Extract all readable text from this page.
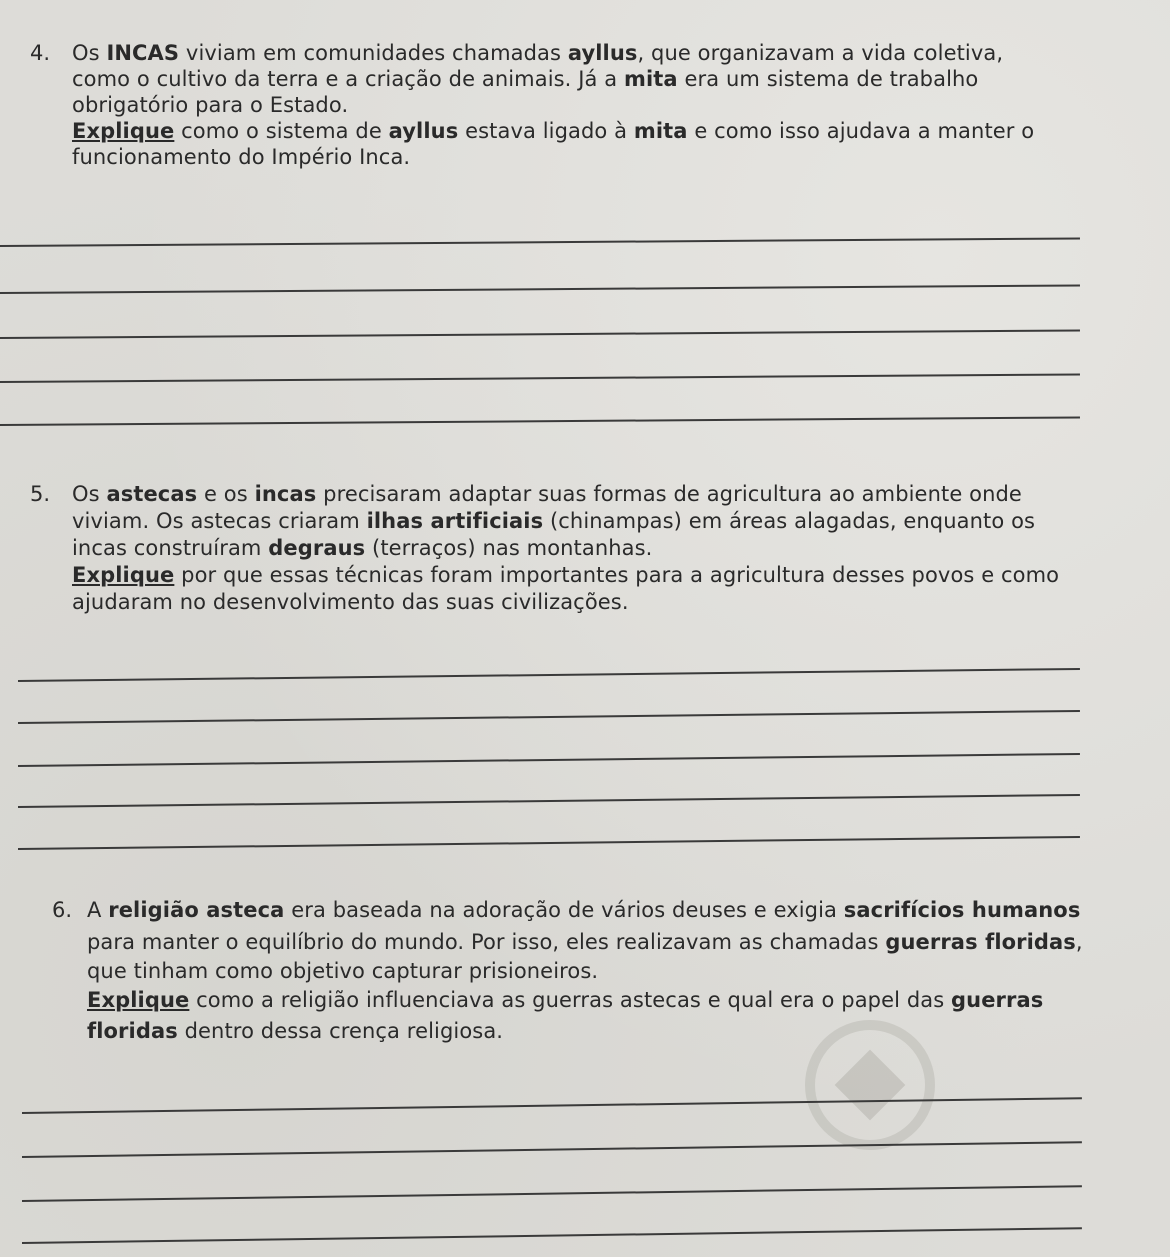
4. Os INCAS viviam em comunidades chamadas ayllus, que organizavam a vida coletiva,
como o cultivo da terra e a criação de animais. Já a mita era um sistema de trabalho
obrigatório para o Estado.
Explique como o sistema de ayllus estava ligado à mita e como isso ajudava a manter o
funcionamento do Império Inca.
5. Os astecas e os incas precisaram adaptar suas formas de agricultura ao ambiente onde
viviam. Os astecas criaram ilhas artificiais (chinampas) em áreas alagadas, enquanto os
incas construíram degraus (terraços) nas montanhas.
Explique por que essas técnicas foram importantes para a agricultura desses povos e como
ajudaram no desenvolvimento das suas civilizações.
6. A religião asteca era baseada na adoração de vários deuses e exigia sacrifícios humanos
para manter o equilíbrio do mundo. Por isso, eles realizavam as chamadas guerras floridas,
que tinham como objetivo capturar prisioneiros.
Explique como a religião influenciava as guerras astecas e qual era o papel das guerras
floridas dentro dessa crença religiosa.
